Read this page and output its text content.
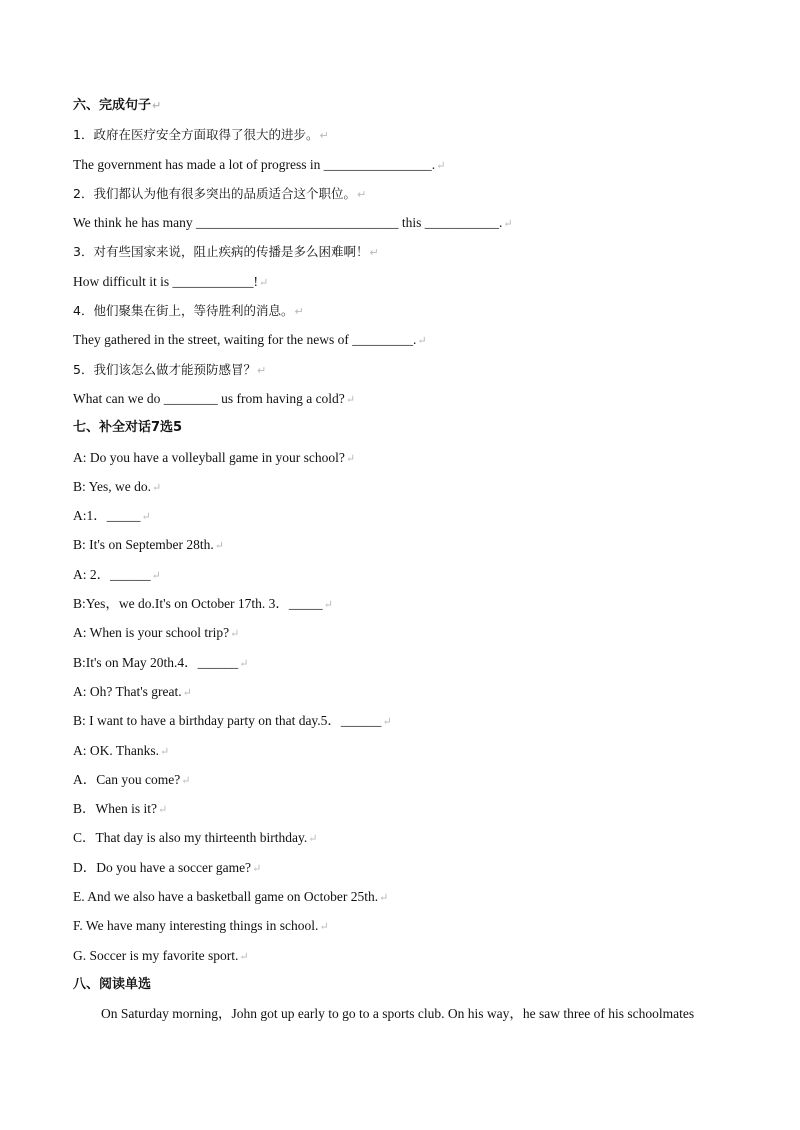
六、完成句子↵
1．政府在医疗安全方面取得了很大的进步。↵
The government has made a lot of progress in ________________.↵
2．我们都认为他有很多突出的品质适合这个职位。↵
We think he has many ______________________________ this ___________.↵
3．对有些国家来说，阻止疾病的传播是多么困难啊！↵
How difficult it is ____________!↵
4．他们聚集在街上，等待胜利的消息。↵
They gathered in the street, waiting for the news of _________.↵
5．我们该怎么做才能预防感冒？↵
What can we do ________ us from having a cold?↵
七、补全对话7选5
A: Do you have a volleyball game in your school?↵
B: Yes, we do.↵
A:1．_____↵
B: It's on September 28th.↵
A: 2．______↵
B:Yes，we do.It's on October 17th. 3．_____↵
A: When is your school trip?↵
B:It's on May 20th.4．______↵
A: Oh? That's great.↵
B: I want to have a birthday party on that day.5．______↵
A: OK. Thanks.↵
A．Can you come?↵
B．When is it?↵
C．That day is also my thirteenth birthday.↵
D．Do you have a soccer game?↵
E. And we also have a basketball game on October 25th.↵
F. We have many interesting things in school.↵
G. Soccer is my favorite sport.↵
八、阅读单选
On Saturday morning，John got up early to go to a sports club. On his way，he saw three of his schoolmates
